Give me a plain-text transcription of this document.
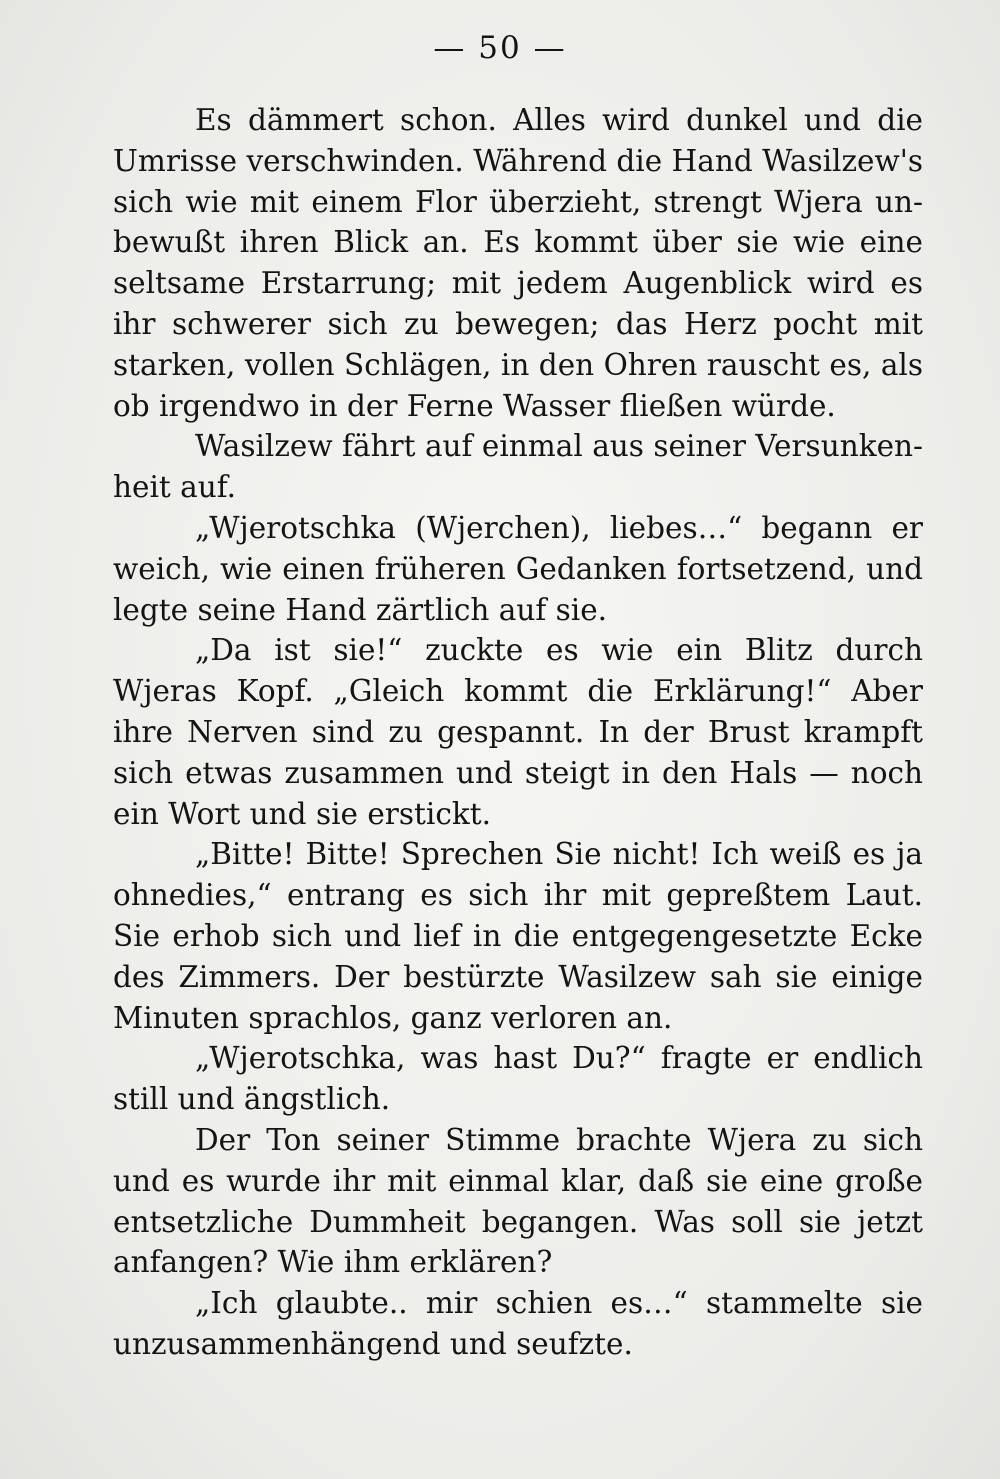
— 50 —

Es dämmert schon. Alles wird dunkel und die Umrisse verschwinden. Während die Hand Wasilzew's sich wie mit einem Flor überzieht, strengt Wjera unbewußt ihren Blick an. Es kommt über sie wie eine seltsame Erstarrung; mit jedem Augenblick wird es ihr schwerer sich zu bewegen; das Herz pocht mit starken, vollen Schlägen, in den Ohren rauscht es, als ob irgendwo in der Ferne Wasser fließen würde.

Wasilzew fährt auf einmal aus seiner Versunkenheit auf.

„Wjerotschka (Wjerchen), liebes…“ begann er weich, wie einen früheren Gedanken fortsetzend, und legte seine Hand zärtlich auf sie.

„Da ist sie!“ zuckte es wie ein Blitz durch Wjeras Kopf. „Gleich kommt die Erklärung!“ Aber ihre Nerven sind zu gespannt. In der Brust krampft sich etwas zusammen und steigt in den Hals — noch ein Wort und sie erstickt.

„Bitte! Bitte! Sprechen Sie nicht! Ich weiß es ja ohnedies,“ entrang es sich ihr mit gepreßtem Laut. Sie erhob sich und lief in die entgegengesetzte Ecke des Zimmers. Der bestürzte Wasilzew sah sie einige Minuten sprachlos, ganz verloren an.

„Wjerotschka, was hast Du?“ fragte er endlich still und ängstlich.

Der Ton seiner Stimme brachte Wjera zu sich und es wurde ihr mit einmal klar, daß sie eine große entsetzliche Dummheit begangen. Was soll sie jetzt anfangen? Wie ihm erklären?

„Ich glaubte.. mir schien es…“ stammelte sie unzusammenhängend und seufzte.
